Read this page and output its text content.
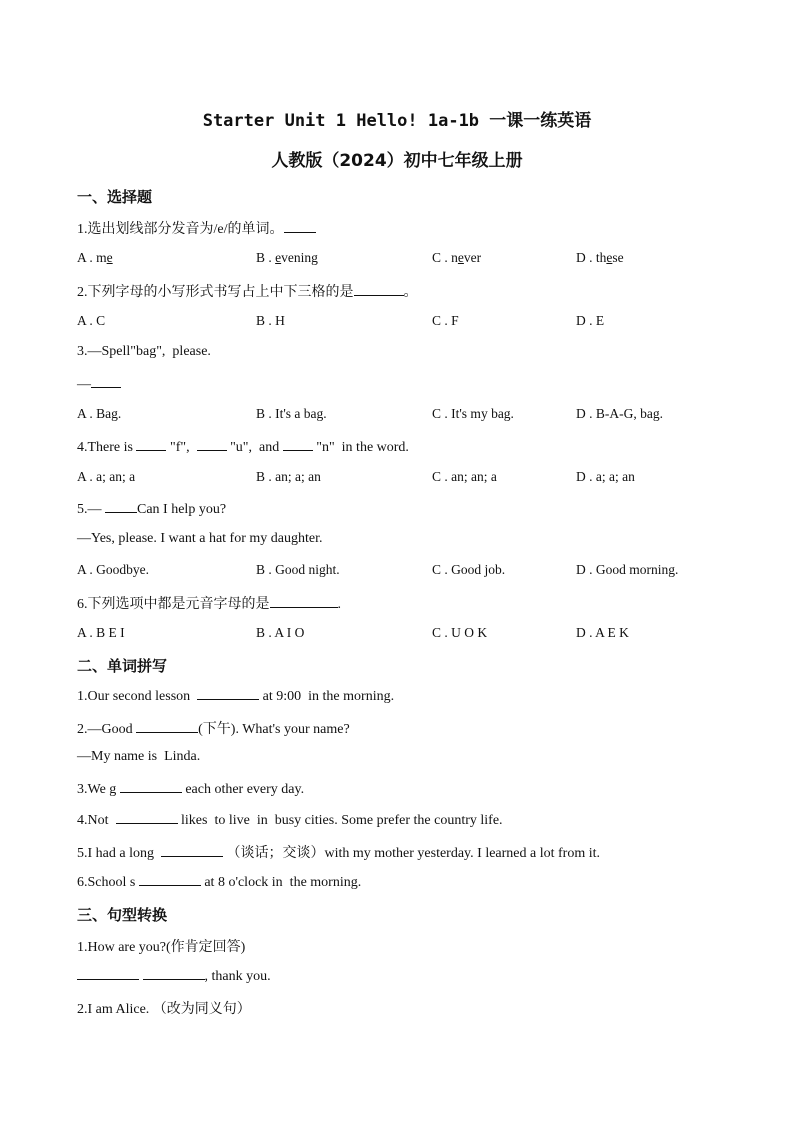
Starter Unit 1 Hello! 1a-1b 一课一练英语
人教版（2024）初中七年级上册
一、选择题
1.选出划线部分发音为/e/的单词。
A . me	B . evening	C . never	D . these
2.下列字母的小写形式书写占上中下三格的是	。
A . C	B . H	C . F	D . E
3.—Spell"bag",  please.
—
A . Bag.	B . It's a bag.	C . It's my bag.	D . B-A-G, bag.
4.There is  "f",   "u",  and  "n"  in the word.
A . a; an; a	B . an; a; an	C . an; an; a	D . a; a; an
5.— Can I help you?
—Yes, please. I want a hat for my daughter.
A . Goodbye.	B . Good night.	C . Good job.	D . Good morning.
6.下列选项中都是元音字母的是	.
A . B E I	B . A I O	C . U O K	D . A E K
二、单词拼写
1.Our second lesson	at 9:00  in the morning.
2.—Good	(下午). What's your name?
—My name is  Linda.
3.We g	each other every day.
4.Not	likes  to live  in  busy cities. Some prefer the country life.
5.I had a long	（谈话；交谈）with my mother yesterday. I learned a lot from it.
6.School s	at 8 o'clock in  the morning.
三、句型转换
1.How are you?(作肯定回答)
, thank you.
2.I am Alice. （改为同义句）
